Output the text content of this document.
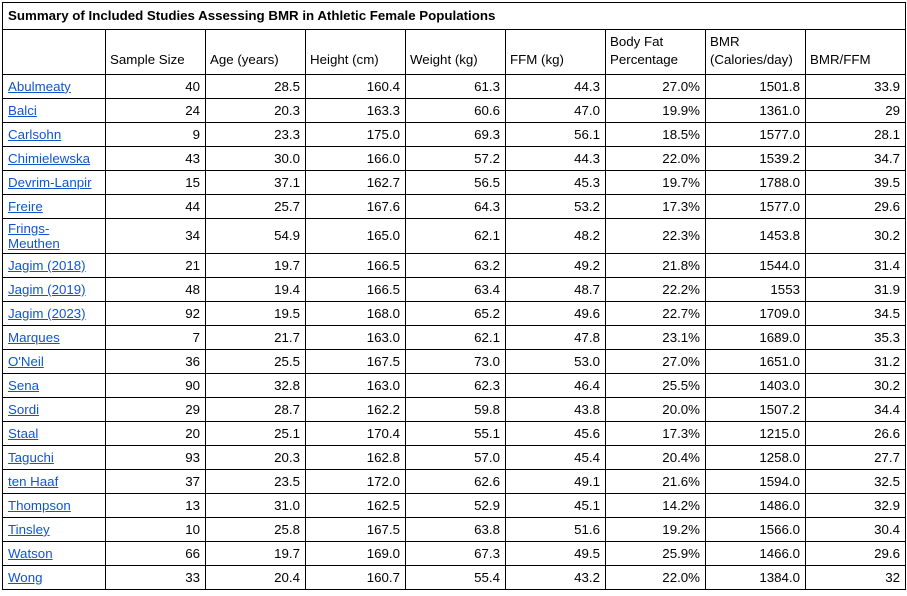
Summary of Included Studies Assessing BMR in Athletic Female Populations								
	Sample Size	Age (years)	Height (cm)	Weight (kg)	FFM (kg)	Body Fat Percentage	BMR (Calories/day)	BMR/FFM
Abulmeaty	40	28.5	160.4	61.3	44.3	27.0%	1501.8	33.9
Balci	24	20.3	163.3	60.6	47.0	19.9%	1361.0	29
Carlsohn	9	23.3	175.0	69.3	56.1	18.5%	1577.0	28.1
Chimielewska	43	30.0	166.0	57.2	44.3	22.0%	1539.2	34.7
Devrim-Lanpir	15	37.1	162.7	56.5	45.3	19.7%	1788.0	39.5
Freire	44	25.7	167.6	64.3	53.2	17.3%	1577.0	29.6
Frings-Meuthen	34	54.9	165.0	62.1	48.2	22.3%	1453.8	30.2
Jagim (2018)	21	19.7	166.5	63.2	49.2	21.8%	1544.0	31.4
Jagim (2019)	48	19.4	166.5	63.4	48.7	22.2%	1553	31.9
Jagim (2023)	92	19.5	168.0	65.2	49.6	22.7%	1709.0	34.5
Marques	7	21.7	163.0	62.1	47.8	23.1%	1689.0	35.3
O'Neil	36	25.5	167.5	73.0	53.0	27.0%	1651.0	31.2
Sena	90	32.8	163.0	62.3	46.4	25.5%	1403.0	30.2
Sordi	29	28.7	162.2	59.8	43.8	20.0%	1507.2	34.4
Staal	20	25.1	170.4	55.1	45.6	17.3%	1215.0	26.6
Taguchi	93	20.3	162.8	57.0	45.4	20.4%	1258.0	27.7
ten Haaf	37	23.5	172.0	62.6	49.1	21.6%	1594.0	32.5
Thompson	13	31.0	162.5	52.9	45.1	14.2%	1486.0	32.9
Tinsley	10	25.8	167.5	63.8	51.6	19.2%	1566.0	30.4
Watson	66	19.7	169.0	67.3	49.5	25.9%	1466.0	29.6
Wong	33	20.4	160.7	55.4	43.2	22.0%	1384.0	32
